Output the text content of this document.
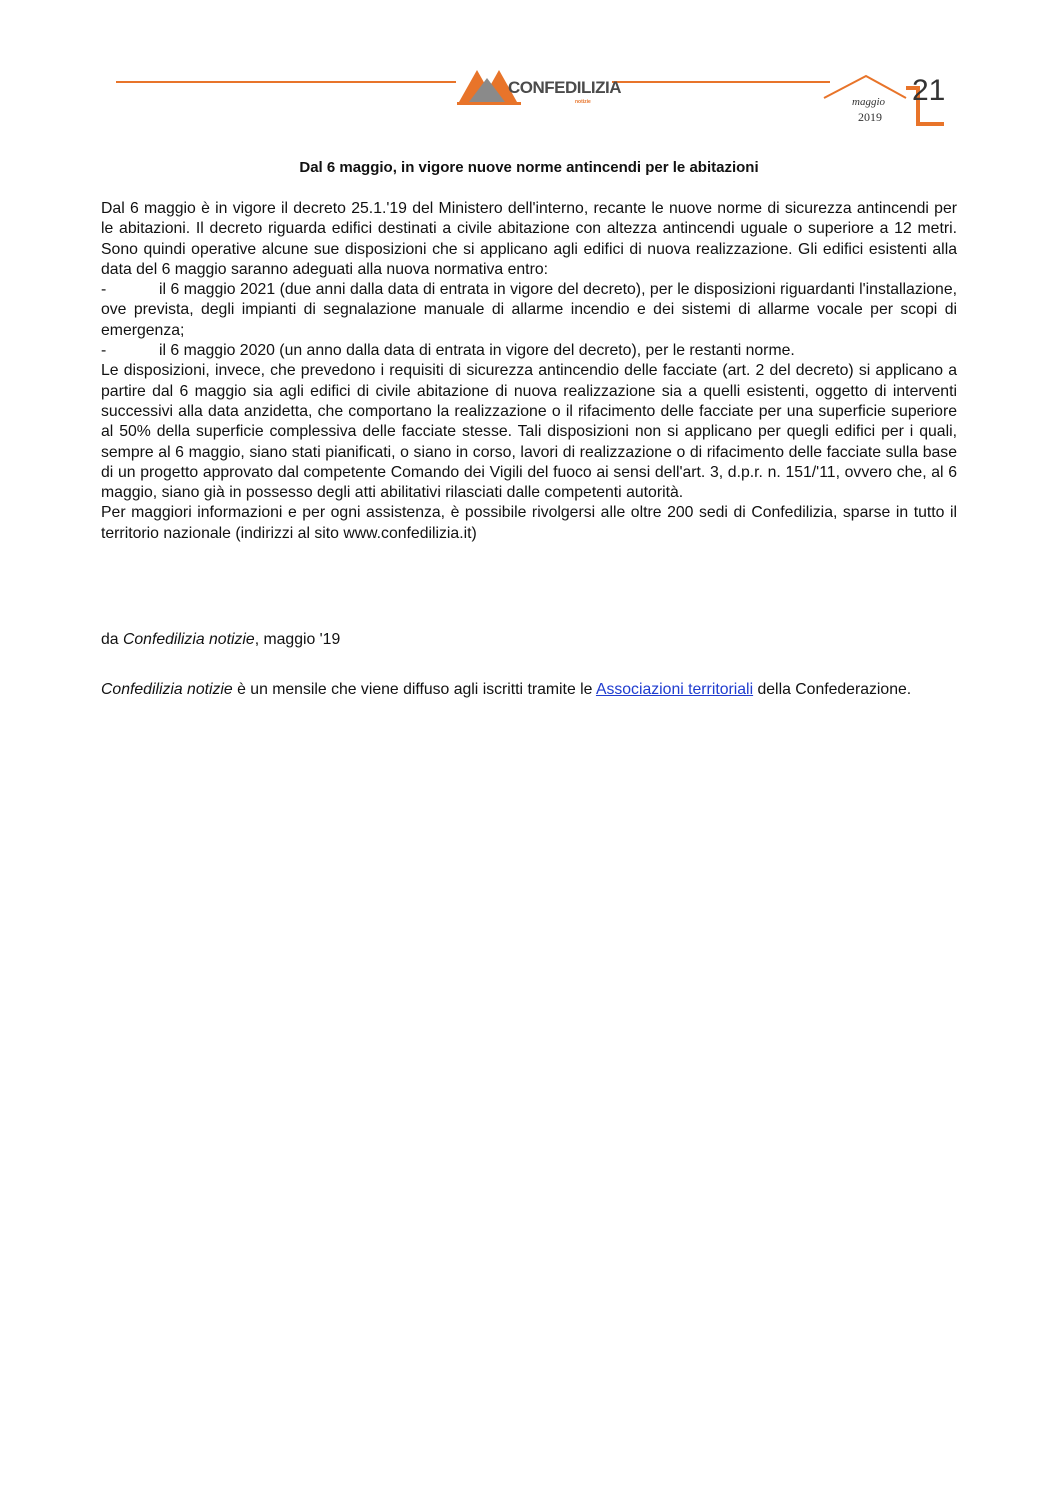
CONFEDILIZIA
notizie	maggio
2019
21
Dal 6 maggio, in vigore nuove norme antincendi per le abitazioni

Dal 6 maggio è in vigore il decreto 25.1.'19 del Ministero dell'interno, recante le nuove norme di sicurezza antincendi per le abitazioni. Il decreto riguarda edifici destinati a civile abitazione con altezza antincendi uguale o superiore a 12 metri. Sono quindi operative alcune sue disposizioni che si applicano agli edifici di nuova realizzazione. Gli edifici esistenti alla data del 6 maggio saranno adeguati alla nuova normativa entro:

-	il 6 maggio 2021 (due anni dalla data di entrata in vigore del decreto), per le disposizioni riguardanti l'installazione, ove prevista, degli impianti di segnalazione manuale di allarme incendio e dei sistemi di allarme vocale per scopi di emergenza;
-	il 6 maggio 2020 (un anno dalla data di entrata in vigore del decreto), per le restanti norme.

Le disposizioni, invece, che prevedono i requisiti di sicurezza antincendio delle facciate (art. 2 del decreto) si applicano a partire dal 6 maggio sia agli edifici di civile abitazione di nuova realizzazione sia a quelli esistenti, oggetto di interventi successivi alla data anzidetta, che comportano la realizzazione o il rifacimento delle facciate per una superficie superiore al 50% della superficie complessiva delle facciate stesse. Tali disposizioni non si applicano per quegli edifici per i quali, sempre al 6 maggio, siano stati pianificati, o siano in corso, lavori di realizzazione o di rifacimento delle facciate sulla base di un progetto approvato dal competente Comando dei Vigili del fuoco ai sensi dell'art. 3, d.p.r. n. 151/'11, ovvero che, al 6 maggio, siano già in possesso degli atti abilitativi rilasciati dalle competenti autorità.

Per maggiori informazioni e per ogni assistenza, è possibile rivolgersi alle oltre 200 sedi di Confedilizia, sparse in tutto il territorio nazionale (indirizzi al sito www.confedilizia.it)

da Confedilizia notizie, maggio '19
Confedilizia notizie è un mensile che viene diffuso agli iscritti tramite le Associazioni territoriali della Confederazione.
